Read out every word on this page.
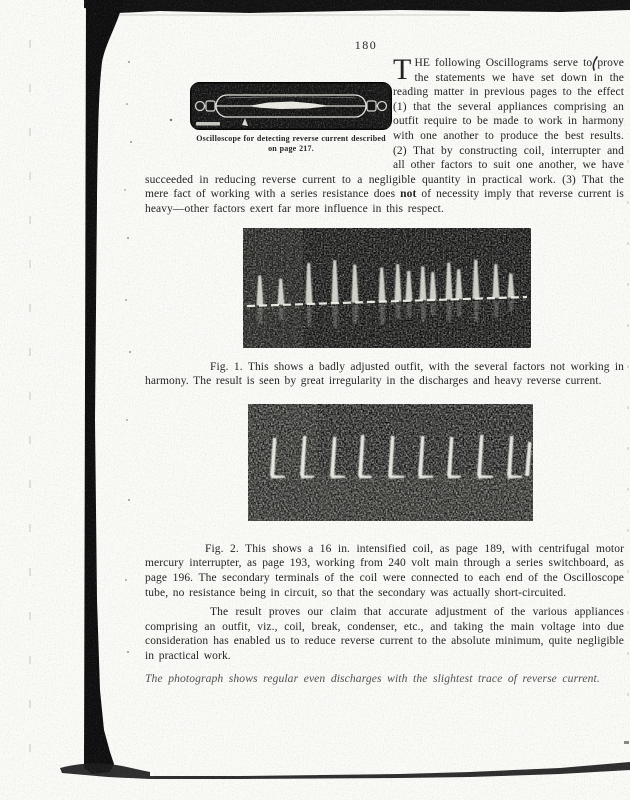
180
Oscilloscope for detecting reverse current described
on page 217.

THE following Oscillograms serve to prove the statements we have set down in the reading matter in previous pages to the effect (1) that the several appliances comprising an outfit require to be made to work in harmony with one another to produce the best results. (2) That by constructing coil, interrupter and all other factors to suit one another, we have succeeded in reducing reverse current to a negligible quantity in practical work. (3) That the mere fact of working with a series resistance does not of necessity imply that reverse current is heavy—other factors exert far more influence in this respect.

Fig. 1. This shows a badly adjusted outfit, with the several factors not working in harmony. The result is seen by great irregularity in the discharges and heavy reverse current.

Fig. 2. This shows a 16 in. intensified coil, as page 189, with centrifugal motor mercury interrupter, as page 193, working from 240 volt main through a series switchboard, as page 196. The secondary terminals of the coil were connected to each end of the Oscilloscope tube, no resistance being in circuit, so that the secondary was actually short-circuited.

The result proves our claim that accurate adjustment of the various appliances comprising an outfit, viz., coil, break, condenser, etc., and taking the main voltage into due consideration has enabled us to reduce reverse current to the absolute minimum, quite negligible in practical work.

The photograph shows regular even discharges with the slightest trace of reverse current.
